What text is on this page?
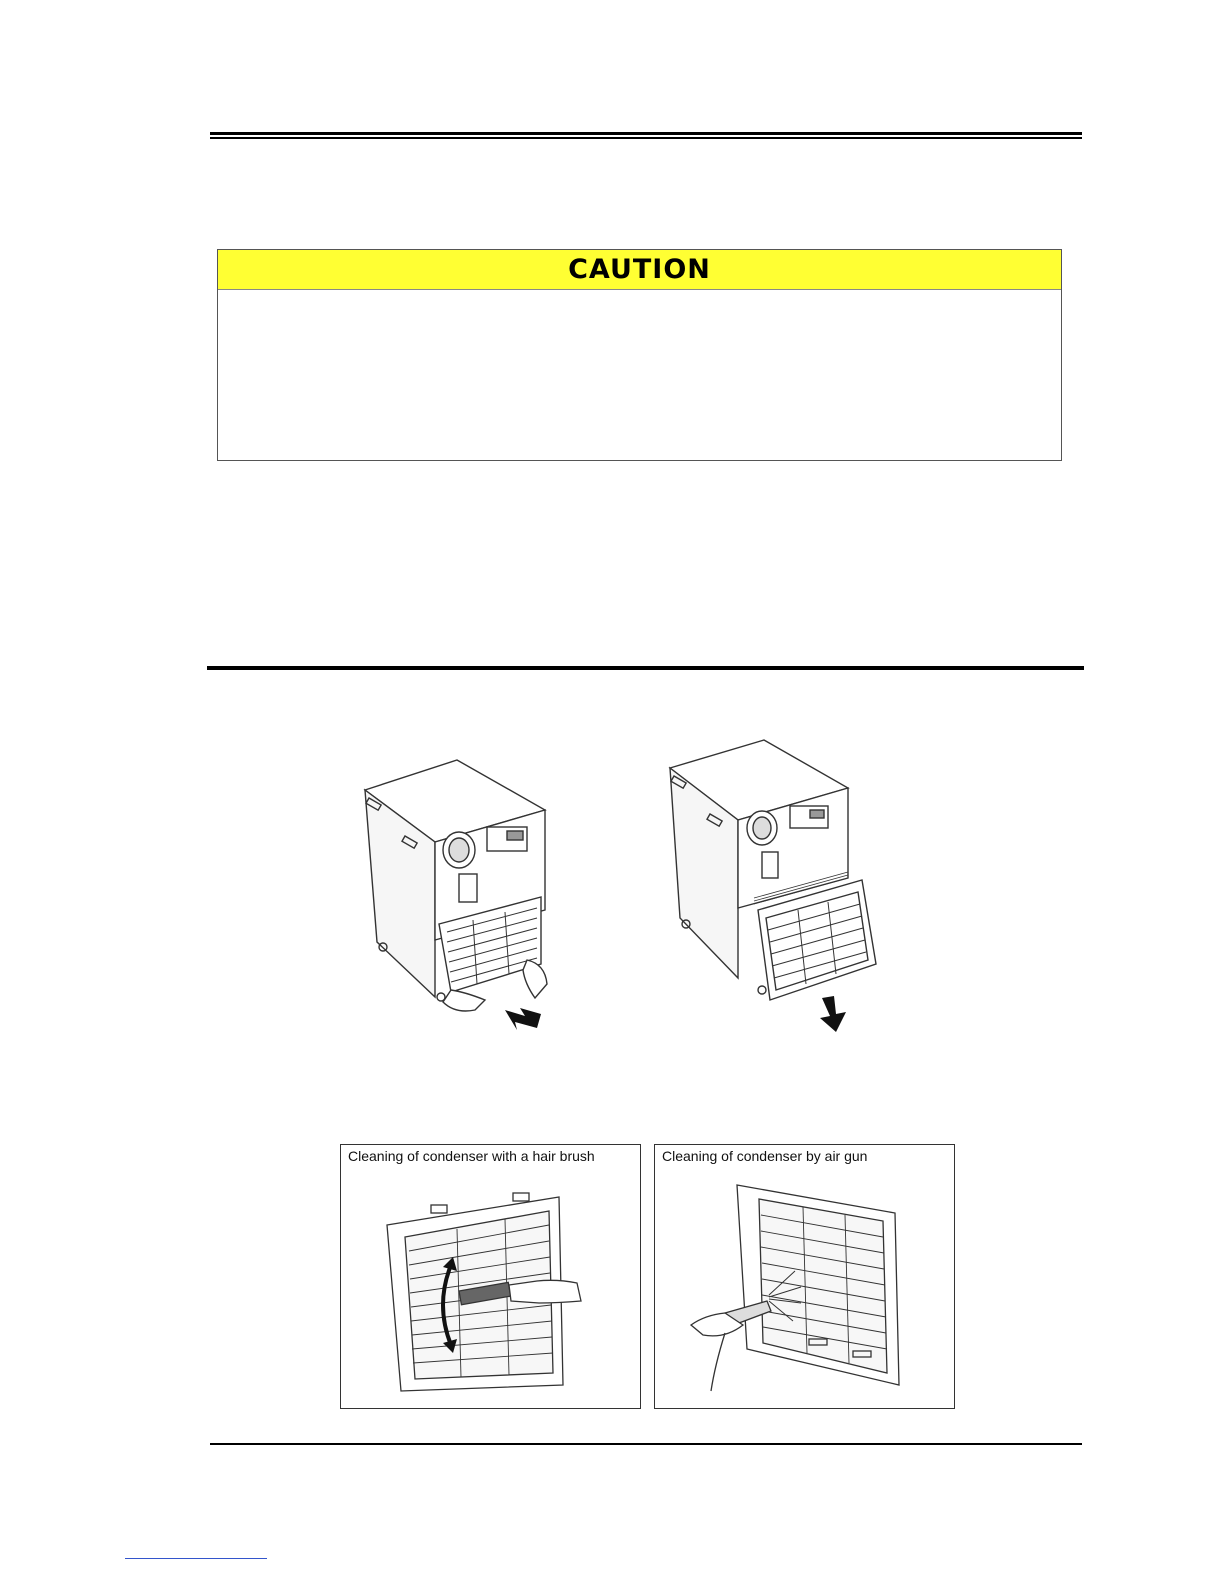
CAUTION
Cleaning of condenser with a hair brush	Cleaning of condenser by air gun
